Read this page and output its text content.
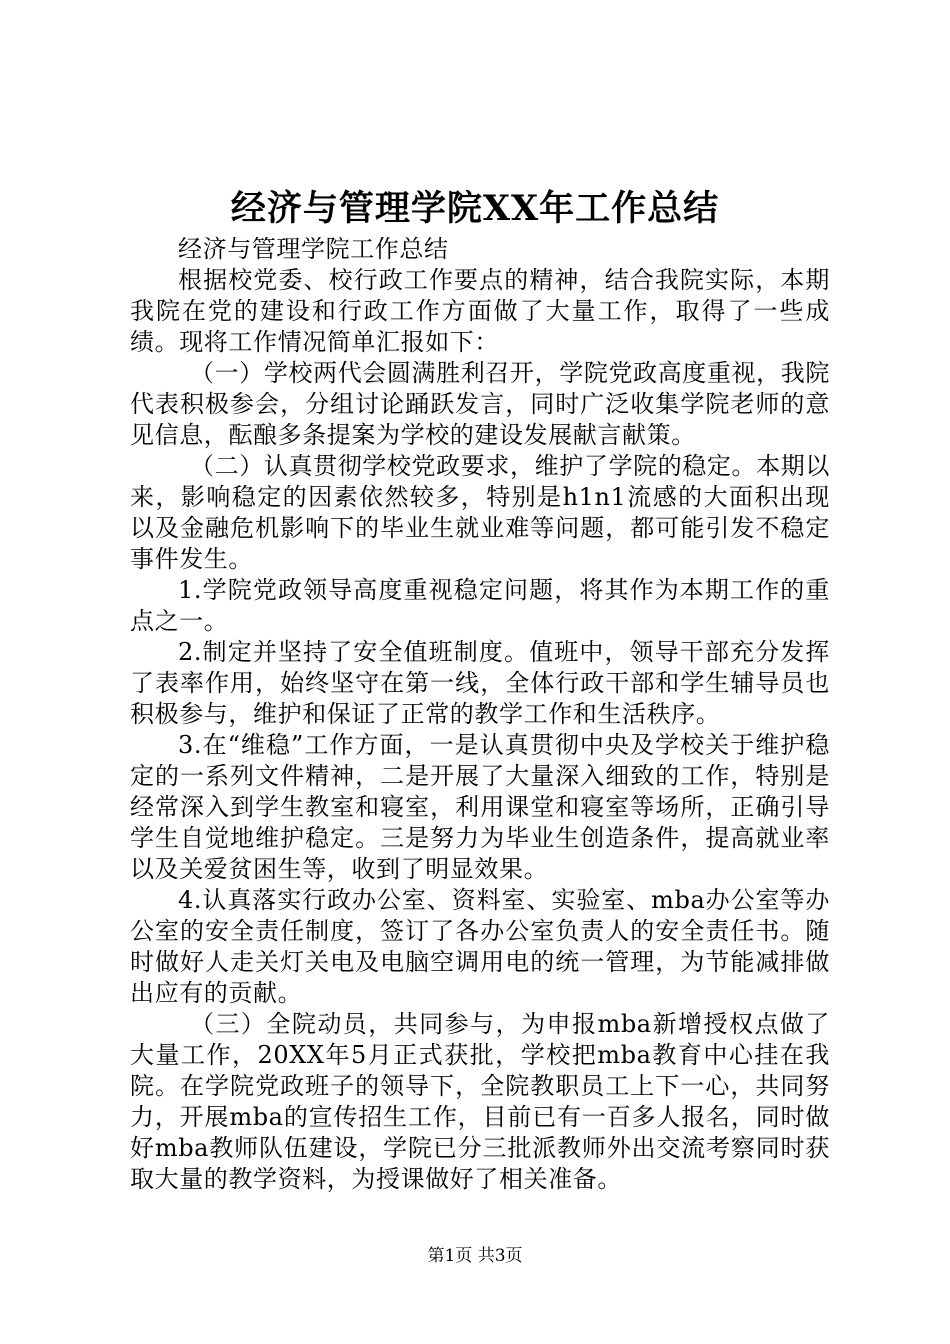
经济与管理学院XX年工作总结

经济与管理学院工作总结

根据校党委、校行政工作要点的精神，结合我院实际，本期我院在党的建设和行政工作方面做了大量工作，取得了一些成绩。现将工作情况简单汇报如下：

（一）学校两代会圆满胜利召开，学院党政高度重视，我院代表积极参会，分组讨论踊跃发言，同时广泛收集学院老师的意见信息，酝酿多条提案为学校的建设发展献言献策。

（二）认真贯彻学校党政要求，维护了学院的稳定。本期以来，影响稳定的因素依然较多，特别是h1n1流感的大面积出现以及金融危机影响下的毕业生就业难等问题，都可能引发不稳定事件发生。

1.学院党政领导高度重视稳定问题，将其作为本期工作的重点之一。

2.制定并坚持了安全值班制度。值班中，领导干部充分发挥了表率作用，始终坚守在第一线，全体行政干部和学生辅导员也积极参与，维护和保证了正常的教学工作和生活秩序。

3.在“维稳”工作方面，一是认真贯彻中央及学校关于维护稳定的一系列文件精神，二是开展了大量深入细致的工作，特别是经常深入到学生教室和寝室，利用课堂和寝室等场所，正确引导学生自觉地维护稳定。三是努力为毕业生创造条件，提高就业率以及关爱贫困生等，收到了明显效果。

4.认真落实行政办公室、资料室、实验室、mba办公室等办公室的安全责任制度，签订了各办公室负责人的安全责任书。随时做好人走关灯关电及电脑空调用电的统一管理，为节能减排做出应有的贡献。

（三）全院动员，共同参与，为申报mba新增授权点做了大量工作，20XX年5月正式获批，学校把mba教育中心挂在我院。在学院党政班子的领导下，全院教职员工上下一心，共同努力，开展mba的宣传招生工作，目前已有一百多人报名，同时做好mba教师队伍建设，学院已分三批派教师外出交流考察同时获取大量的教学资料，为授课做好了相关准备。

第1页 共3页
